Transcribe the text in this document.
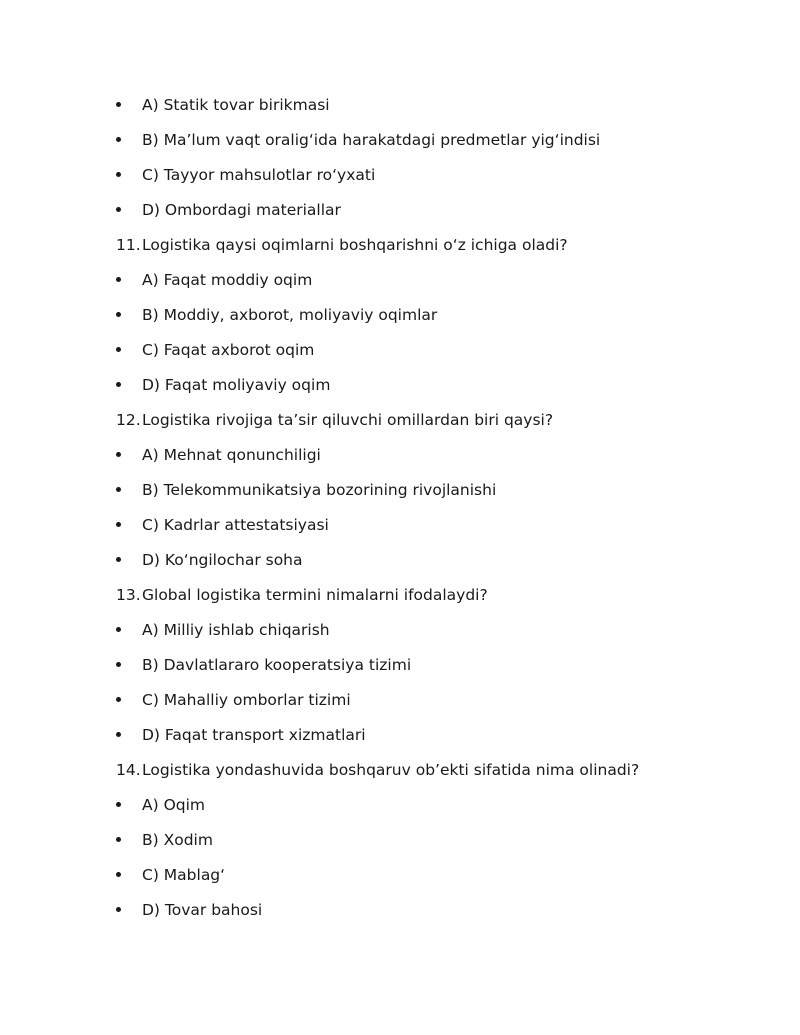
A) Statik tovar birikmasi
B) Ma’lum vaqt oralig‘ida harakatdagi predmetlar yig‘indisi
C) Tayyor mahsulotlar ro‘yxati
D) Ombordagi materiallar
11. Logistika qaysi oqimlarni boshqarishni o‘z ichiga oladi?
A) Faqat moddiy oqim
B) Moddiy, axborot, moliyaviy oqimlar
C) Faqat axborot oqim
D) Faqat moliyaviy oqim
12. Logistika rivojiga ta’sir qiluvchi omillardan biri qaysi?
A) Mehnat qonunchiligi
B) Telekommunikatsiya bozorining rivojlanishi
C) Kadrlar attestatsiyasi
D) Ko‘ngilochar soha
13. Global logistika termini nimalarni ifodalaydi?
A) Milliy ishlab chiqarish
B) Davlatlararo kooperatsiya tizimi
C) Mahalliy omborlar tizimi
D) Faqat transport xizmatlari
14. Logistika yondashuvida boshqaruv ob’ekti sifatida nima olinadi?
A) Oqim
B) Xodim
C) Mablag‘
D) Tovar bahosi
